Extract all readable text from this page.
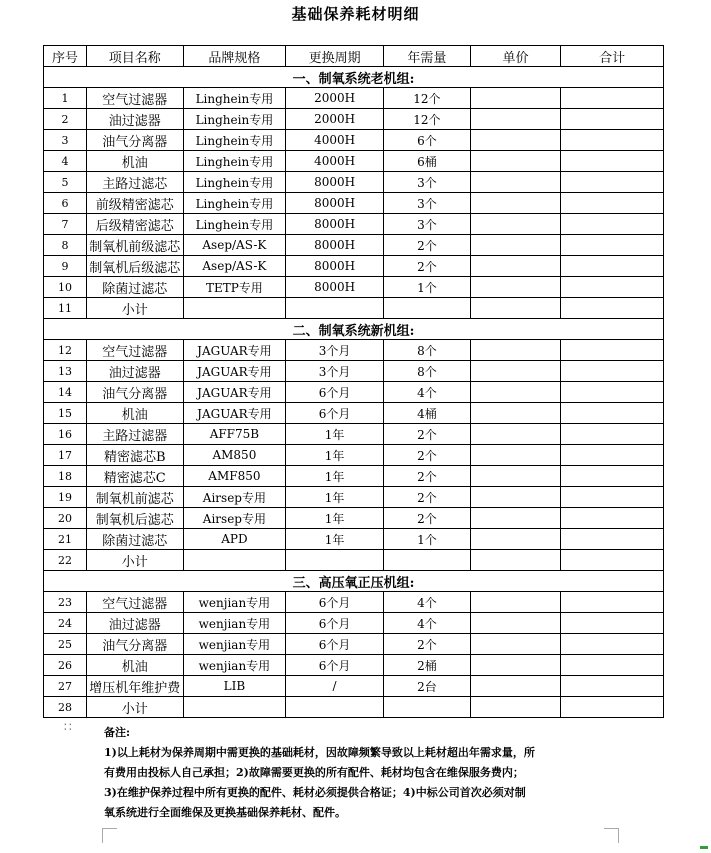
基础保养耗材明细
序号	项目名称	品牌规格	更换周期	年需量	单价	合计
一、制氧系统老机组:						
1	空气过滤器	Linghein专用	2000H	12个		
2	油过滤器	Linghein专用	2000H	12个		
3	油气分离器	Linghein专用	4000H	6个		
4	机油	Linghein专用	4000H	6桶		
5	主路过滤芯	Linghein专用	8000H	3个		
6	前级精密滤芯	Linghein专用	8000H	3个		
7	后级精密滤芯	Linghein专用	8000H	3个		
8	制氧机前级滤芯	Asep/AS-K	8000H	2个		
9	制氧机后级滤芯	Asep/AS-K	8000H	2个		
10	除菌过滤芯	TETP专用	8000H	1个		
11	小计					
二、制氧系统新机组:						
12	空气过滤器	JAGUAR专用	3个月	8个		
13	油过滤器	JAGUAR专用	3个月	8个		
14	油气分离器	JAGUAR专用	6个月	4个		
15	机油	JAGUAR专用	6个月	4桶		
16	主路过滤器	AFF75B	1年	2个		
17	精密滤芯B	AM850	1年	2个		
18	精密滤芯C	AMF850	1年	2个		
19	制氧机前滤芯	Airsep专用	1年	2个		
20	制氧机后滤芯	Airsep专用	1年	2个		
21	除菌过滤芯	APD	1年	1个		
22	小计					
三、高压氧正压机组:						
23	空气过滤器	wenjian专用	6个月	4个		
24	油过滤器	wenjian专用	6个月	4个		
25	油气分离器	wenjian专用	6个月	2个		
26	机油	wenjian专用	6个月	2桶		
27	增压机年维护费	LIB	/	2台		
28	小计					
∷	备注:
1)以上耗材为保养周期中需更换的基础耗材，因故障频繁导致以上耗材超出年需求量，所
有费用由投标人自己承担；2)故障需要更换的所有配件、耗材均包含在维保服务费内；
3)在维护保养过程中所有更换的配件、耗材必须提供合格证；4)中标公司首次必须对制
氧系统进行全面维保及更换基础保养耗材、配件。
